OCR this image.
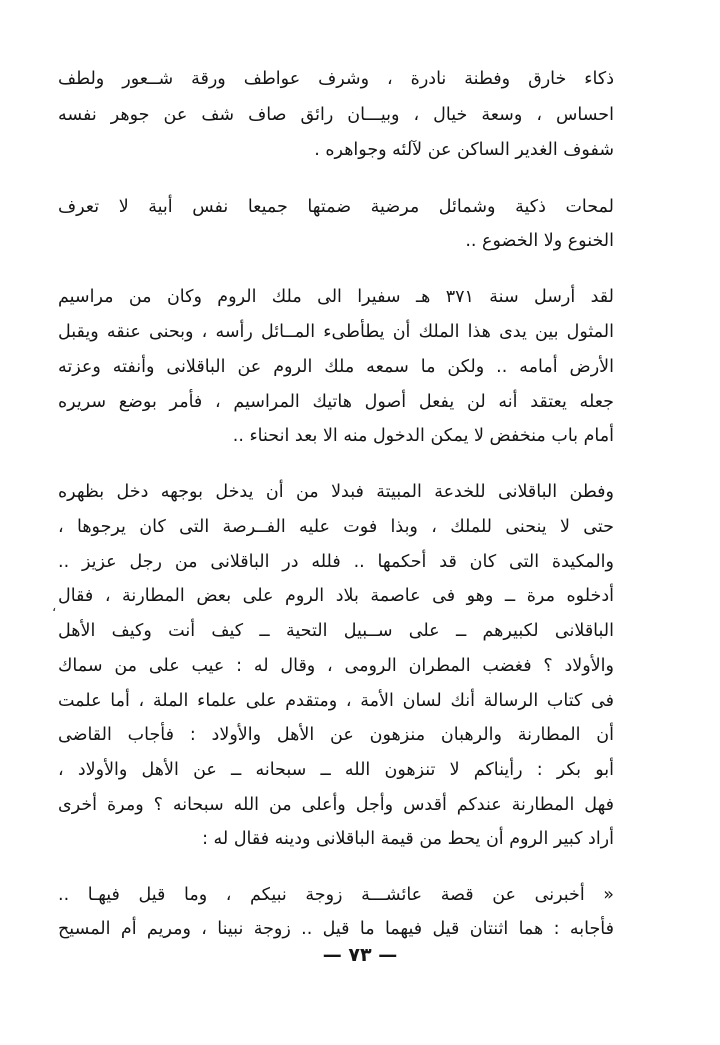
ذكاء خارق وفطنة نادرة ، وشرف عواطف ورقة شــعور ولطف
احساس ، وسعة خيال ، وبيـــان رائق صاف شف عن جوهر نفسه
شفوف الغدير الساكن عن لآلئه وجواهره .
لمحات ذكية وشمائل مرضية ضمتها جميعا نفس أبية لا تعرف
الخنوع ولا الخضوع ..
لقد أرسل سنة ٣٧١ هـ سفيرا الى ملك الروم وكان من مراسيم
المثول بين يدى هذا الملك أن يطأطىء المــائل رأسه ، وبحنى عنقه ويقبل
الأرض أمامه .. ولكن ما سمعه ملك الروم عن الباقلانى وأنفته وعزته
جعله يعتقد أنه لن يفعل أصول هاتيك المراسيم ، فأمر بوضع سريره
أمام باب منخفض لا يمكن الدخول منه الا بعد انحناء ..
وفطن الباقلانى للخدعة المبيتة فبدلا من أن يدخل بوجهه دخل بظهره
حتى لا ينحنى للملك ، وبذا فوت عليه الفــرصة التى كان يرجوها ،
والمكيدة التى كان قد أحكمها .. فلله در الباقلانى من رجل عزيز ..
أدخلوه مرة ــ وهو فى عاصمة بلاد الروم على بعض المطارنة ، فقال
الباقلانى لكبيرهم ــ على ســبيل التحية ــ كيف أنت وكيف الأهل
والأولاد ؟ فغضب المطران الرومى ، وقال له : عيب على من سماك
فى كتاب الرسالة أنك لسان الأمة ، ومتقدم على علماء الملة ، أما علمت
أن المطارنة والرهبان منزهون عن الأهل والأولاد : فأجاب القاضى
أبو بكر : رأيناكم لا تنزهون الله ــ سبحانه ــ عن الأهل والأولاد ،
فهل المطارنة عندكم أقدس وأجل وأعلى من الله سبحانه ؟ ومرة أخرى
أراد كبير الروم أن يحط من قيمة الباقلانى ودينه فقال له :
« أخبرنى عن قصة عائشـــة زوجة نبيكم ، وما قيل فيهـا ..
فأجابه : هما اثنتان قيل فيهما ما قيل .. زوجة نبينا ، ومريم أم المسيح
،
— ٧٣ —
